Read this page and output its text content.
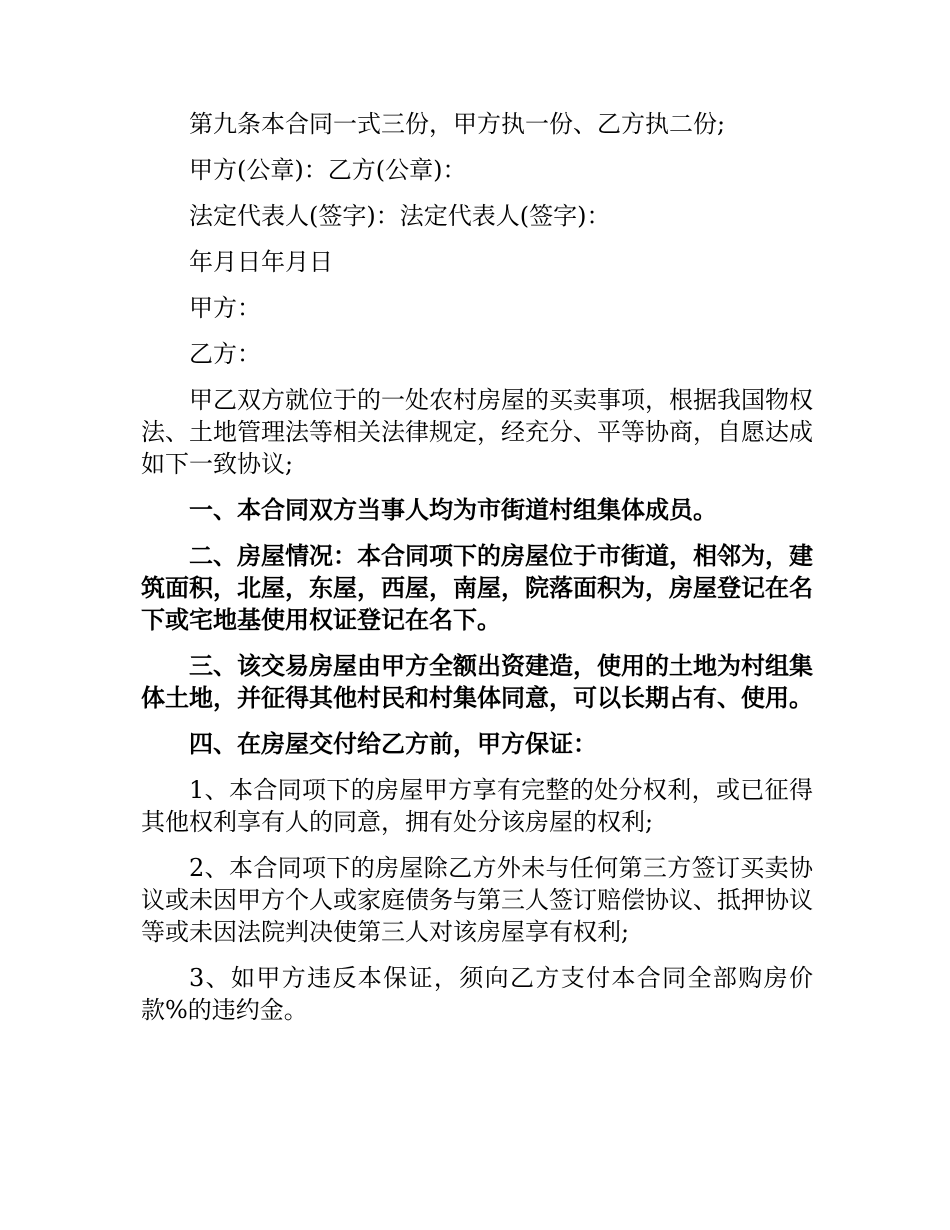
第九条本合同一式三份，甲方执一份、乙方执二份;

甲方(公章)：乙方(公章)：

法定代表人(签字)：法定代表人(签字)：

年月日年月日

甲方：

乙方：

甲乙双方就位于的一处农村房屋的买卖事项，根据我国物权法、土地管理法等相关法律规定，经充分、平等协商，自愿达成如下一致协议;

一、本合同双方当事人均为市街道村组集体成员。

二、房屋情况：本合同项下的房屋位于市街道，相邻为，建筑面积，北屋，东屋，西屋，南屋，院落面积为，房屋登记在名下或宅地基使用权证登记在名下。

三、该交易房屋由甲方全额出资建造，使用的土地为村组集体土地，并征得其他村民和村集体同意，可以长期占有、使用。

四、在房屋交付给乙方前，甲方保证：

1、本合同项下的房屋甲方享有完整的处分权利，或已征得其他权利享有人的同意，拥有处分该房屋的权利;

2、本合同项下的房屋除乙方外未与任何第三方签订买卖协议或未因甲方个人或家庭债务与第三人签订赔偿协议、抵押协议等或未因法院判决使第三人对该房屋享有权利;

3、如甲方违反本保证，须向乙方支付本合同全部购房价款%的违约金。
